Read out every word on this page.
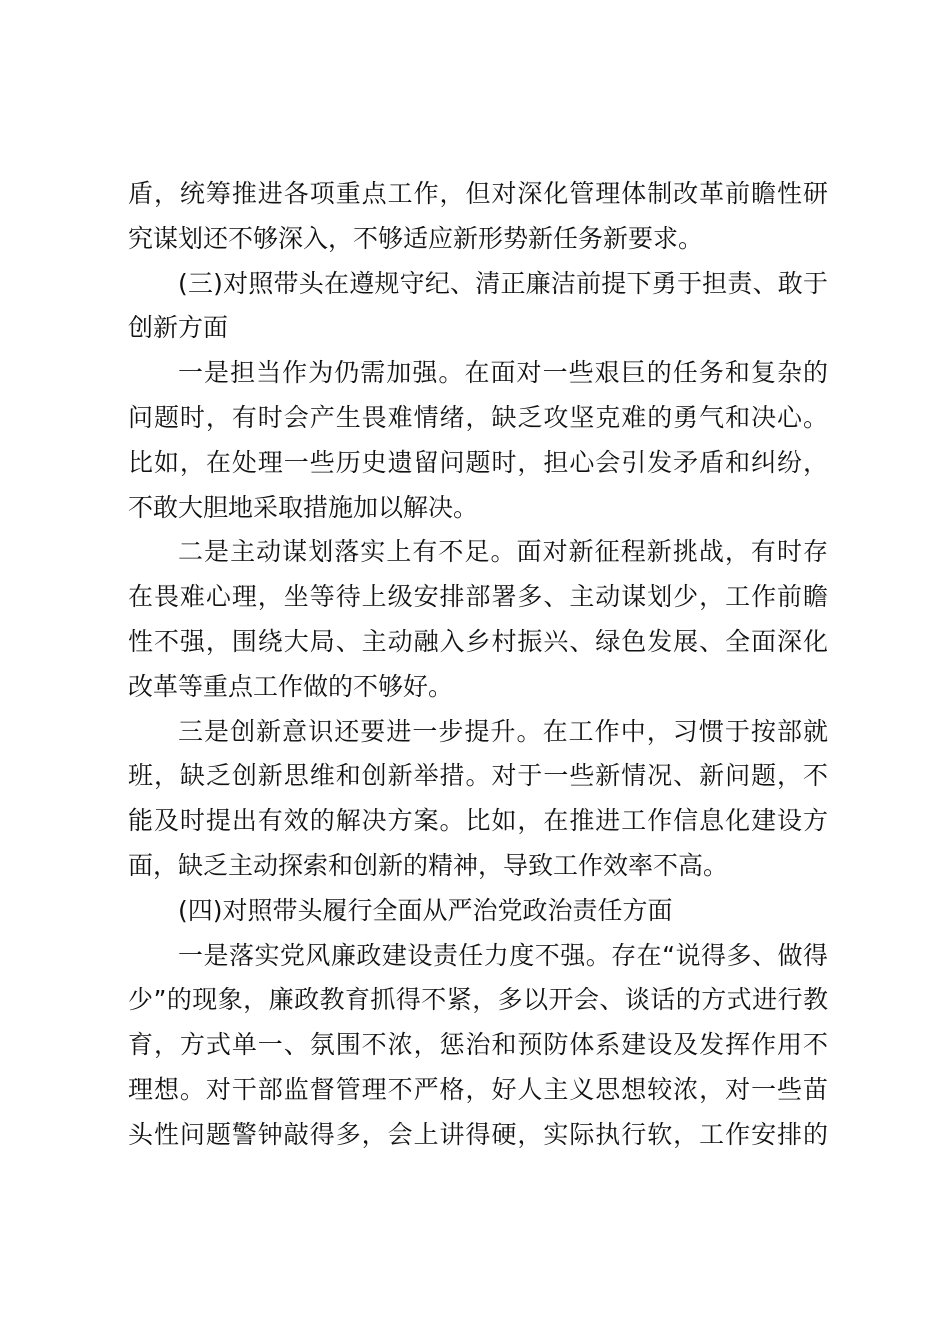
盾，统筹推进各项重点工作，但对深化管理体制改革前瞻性研
究谋划还不够深入，不够适应新形势新任务新要求。
(三)对照带头在遵规守纪、清正廉洁前提下勇于担责、敢于
创新方面
一是担当作为仍需加强。在面对一些艰巨的任务和复杂的
问题时，有时会产生畏难情绪，缺乏攻坚克难的勇气和决心。
比如，在处理一些历史遗留问题时，担心会引发矛盾和纠纷，
不敢大胆地采取措施加以解决。
二是主动谋划落实上有不足。面对新征程新挑战，有时存
在畏难心理，坐等待上级安排部署多、主动谋划少，工作前瞻
性不强，围绕大局、主动融入乡村振兴、绿色发展、全面深化
改革等重点工作做的不够好。
三是创新意识还要进一步提升。在工作中，习惯于按部就
班，缺乏创新思维和创新举措。对于一些新情况、新问题，不
能及时提出有效的解决方案。比如，在推进工作信息化建设方
面，缺乏主动探索和创新的精神，导致工作效率不高。
(四)对照带头履行全面从严治党政治责任方面
一是落实党风廉政建设责任力度不强。存在“说得多、做得
少”的现象，廉政教育抓得不紧，多以开会、谈话的方式进行教
育，方式单一、氛围不浓，惩治和预防体系建设及发挥作用不
理想。对干部监督管理不严格，好人主义思想较浓，对一些苗
头性问题警钟敲得多，会上讲得硬，实际执行软，工作安排的
